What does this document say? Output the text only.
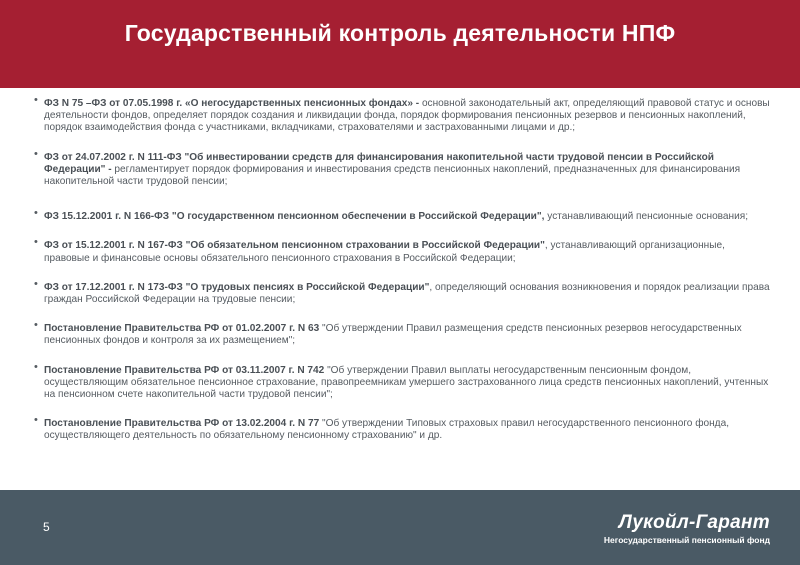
Государственный контроль деятельности НПФ
• ФЗ N 75 –ФЗ от 07.05.1998 г. «О негосударственных пенсионных фондах» - основной законодательный акт, определяющий правовой статус и основы деятельности фондов, определяет порядок создания и ликвидации фонда, порядок формирования пенсионных резервов и пенсионных накоплений, порядок взаимодействия фонда с участниками, вкладчиками, страхователями и застрахованными лицами и др.;
• ФЗ от 24.07.2002 г. N 111-ФЗ "Об инвестировании средств для финансирования накопительной части трудовой пенсии в Российской Федерации" - регламентирует порядок формирования и инвестирования средств пенсионных накоплений, предназначенных для финансирования накопительной части трудовой пенсии;
• ФЗ 15.12.2001 г. N 166-ФЗ "О государственном пенсионном обеспечении в Российской Федерации", устанавливающий пенсионные основания;
• ФЗ от 15.12.2001 г. N 167-ФЗ "Об обязательном пенсионном страховании в Российской Федерации", устанавливающий организационные, правовые и финансовые основы обязательного пенсионного страхования в Российской Федерации;
• ФЗ от 17.12.2001 г. N 173-ФЗ "О трудовых пенсиях в Российской Федерации", определяющий основания возникновения и порядок реализации права граждан Российской Федерации на трудовые пенсии;
• Постановление Правительства РФ от 01.02.2007 г. N 63 "Об утверждении Правил размещения средств пенсионных резервов негосударственных пенсионных фондов и контроля за их размещением";
• Постановление Правительства РФ от 03.11.2007 г. N 742 "Об утверждении Правил выплаты негосударственным пенсионным фондом, осуществляющим обязательное пенсионное страхование, правопреемникам умершего застрахованного лица средств пенсионных накоплений, учтенных на пенсионном счете накопительной части трудовой пенсии";
• Постановление Правительства РФ от 13.02.2004 г. N 77 "Об утверждении Типовых страховых правил негосударственного пенсионного фонда, осуществляющего деятельность по обязательному пенсионному страхованию" и др.
5	Лукойл-Гарант
Негосударственный пенсионный фонд
